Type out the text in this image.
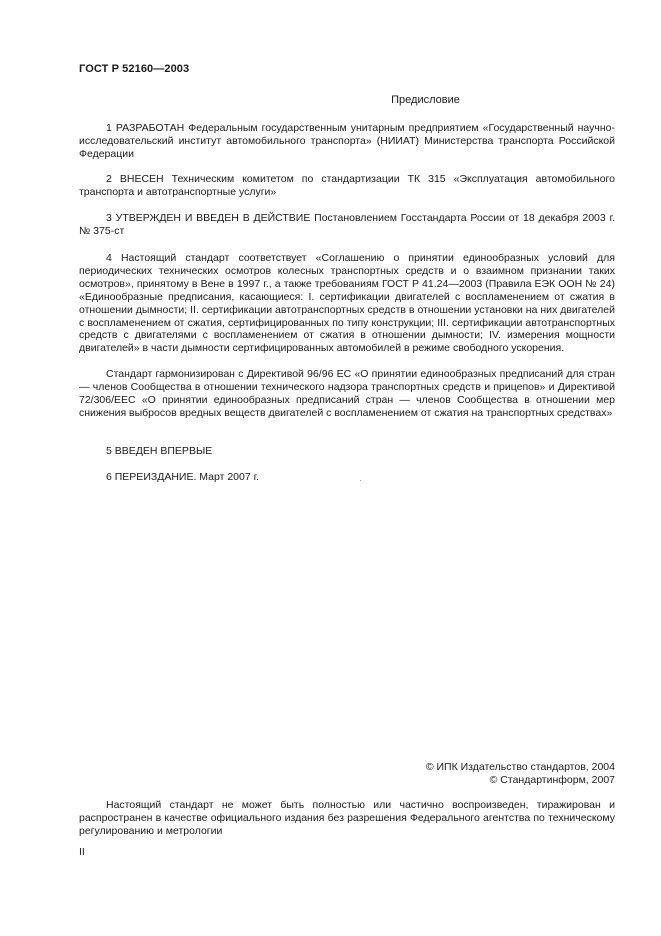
ГОСТ Р 52160—2003
Предисловие

1 РАЗРАБОТАН Федеральным государственным унитарным предприятием «Государственный научно-исследовательский институт автомобильного транспорта» (НИИАТ) Министерства транспорта Российской Федерации

2 ВНЕСЕН Техническим комитетом по стандартизации ТК 315 «Эксплуатация автомобильного транспорта и автотранспортные услуги»

3 УТВЕРЖДЕН И ВВЕДЕН В ДЕЙСТВИЕ Постановлением Госстандарта России от 18 декабря 2003 г. № 375-ст

4 Настоящий стандарт соответствует «Соглашению о принятии единообразных условий для периодических технических осмотров колесных транспортных средств и о взаимном признании таких осмотров», принятому в Вене в 1997 г., а также требованиям ГОСТ Р 41.24—2003 (Правила ЕЭК ООН № 24) «Единообразные предписания, касающиеся: I. сертификации двигателей с воспламенением от сжатия в отношении дымности; II. сертификации автотранспортных средств в отношении установки на них двигателей с воспламенением от сжатия, сертифицированных по типу конструкции; III. сертификации автотранспортных средств с двигателями с воспламенением от сжатия в отношении дымности; IV. измерения мощности двигателей» в части дымности сертифицированных автомобилей в режиме свободного ускорения.

Стандарт гармонизирован с Директивой 96/96 ЕС «О принятии единообразных предписаний для стран — членов Сообщества в отношении технического надзора транспортных средств и прицепов» и Директивой 72/306/ЕЕС «О принятии единообразных предписаний стран — членов Сообщества в отношении мер снижения выбросов вредных веществ двигателей с воспламенением от сжатия на транспортных средствах»

5 ВВЕДЕН ВПЕРВЫЕ

6 ПЕРЕИЗДАНИЕ. Март 2007 г.

© ИПК Издательство стандартов, 2004
© Стандартинформ, 2007

Настоящий стандарт не может быть полностью или частично воспроизведен, тиражирован и распространен в качестве официального издания без разрешения Федерального агентства по техническому регулированию и метрологии

II
